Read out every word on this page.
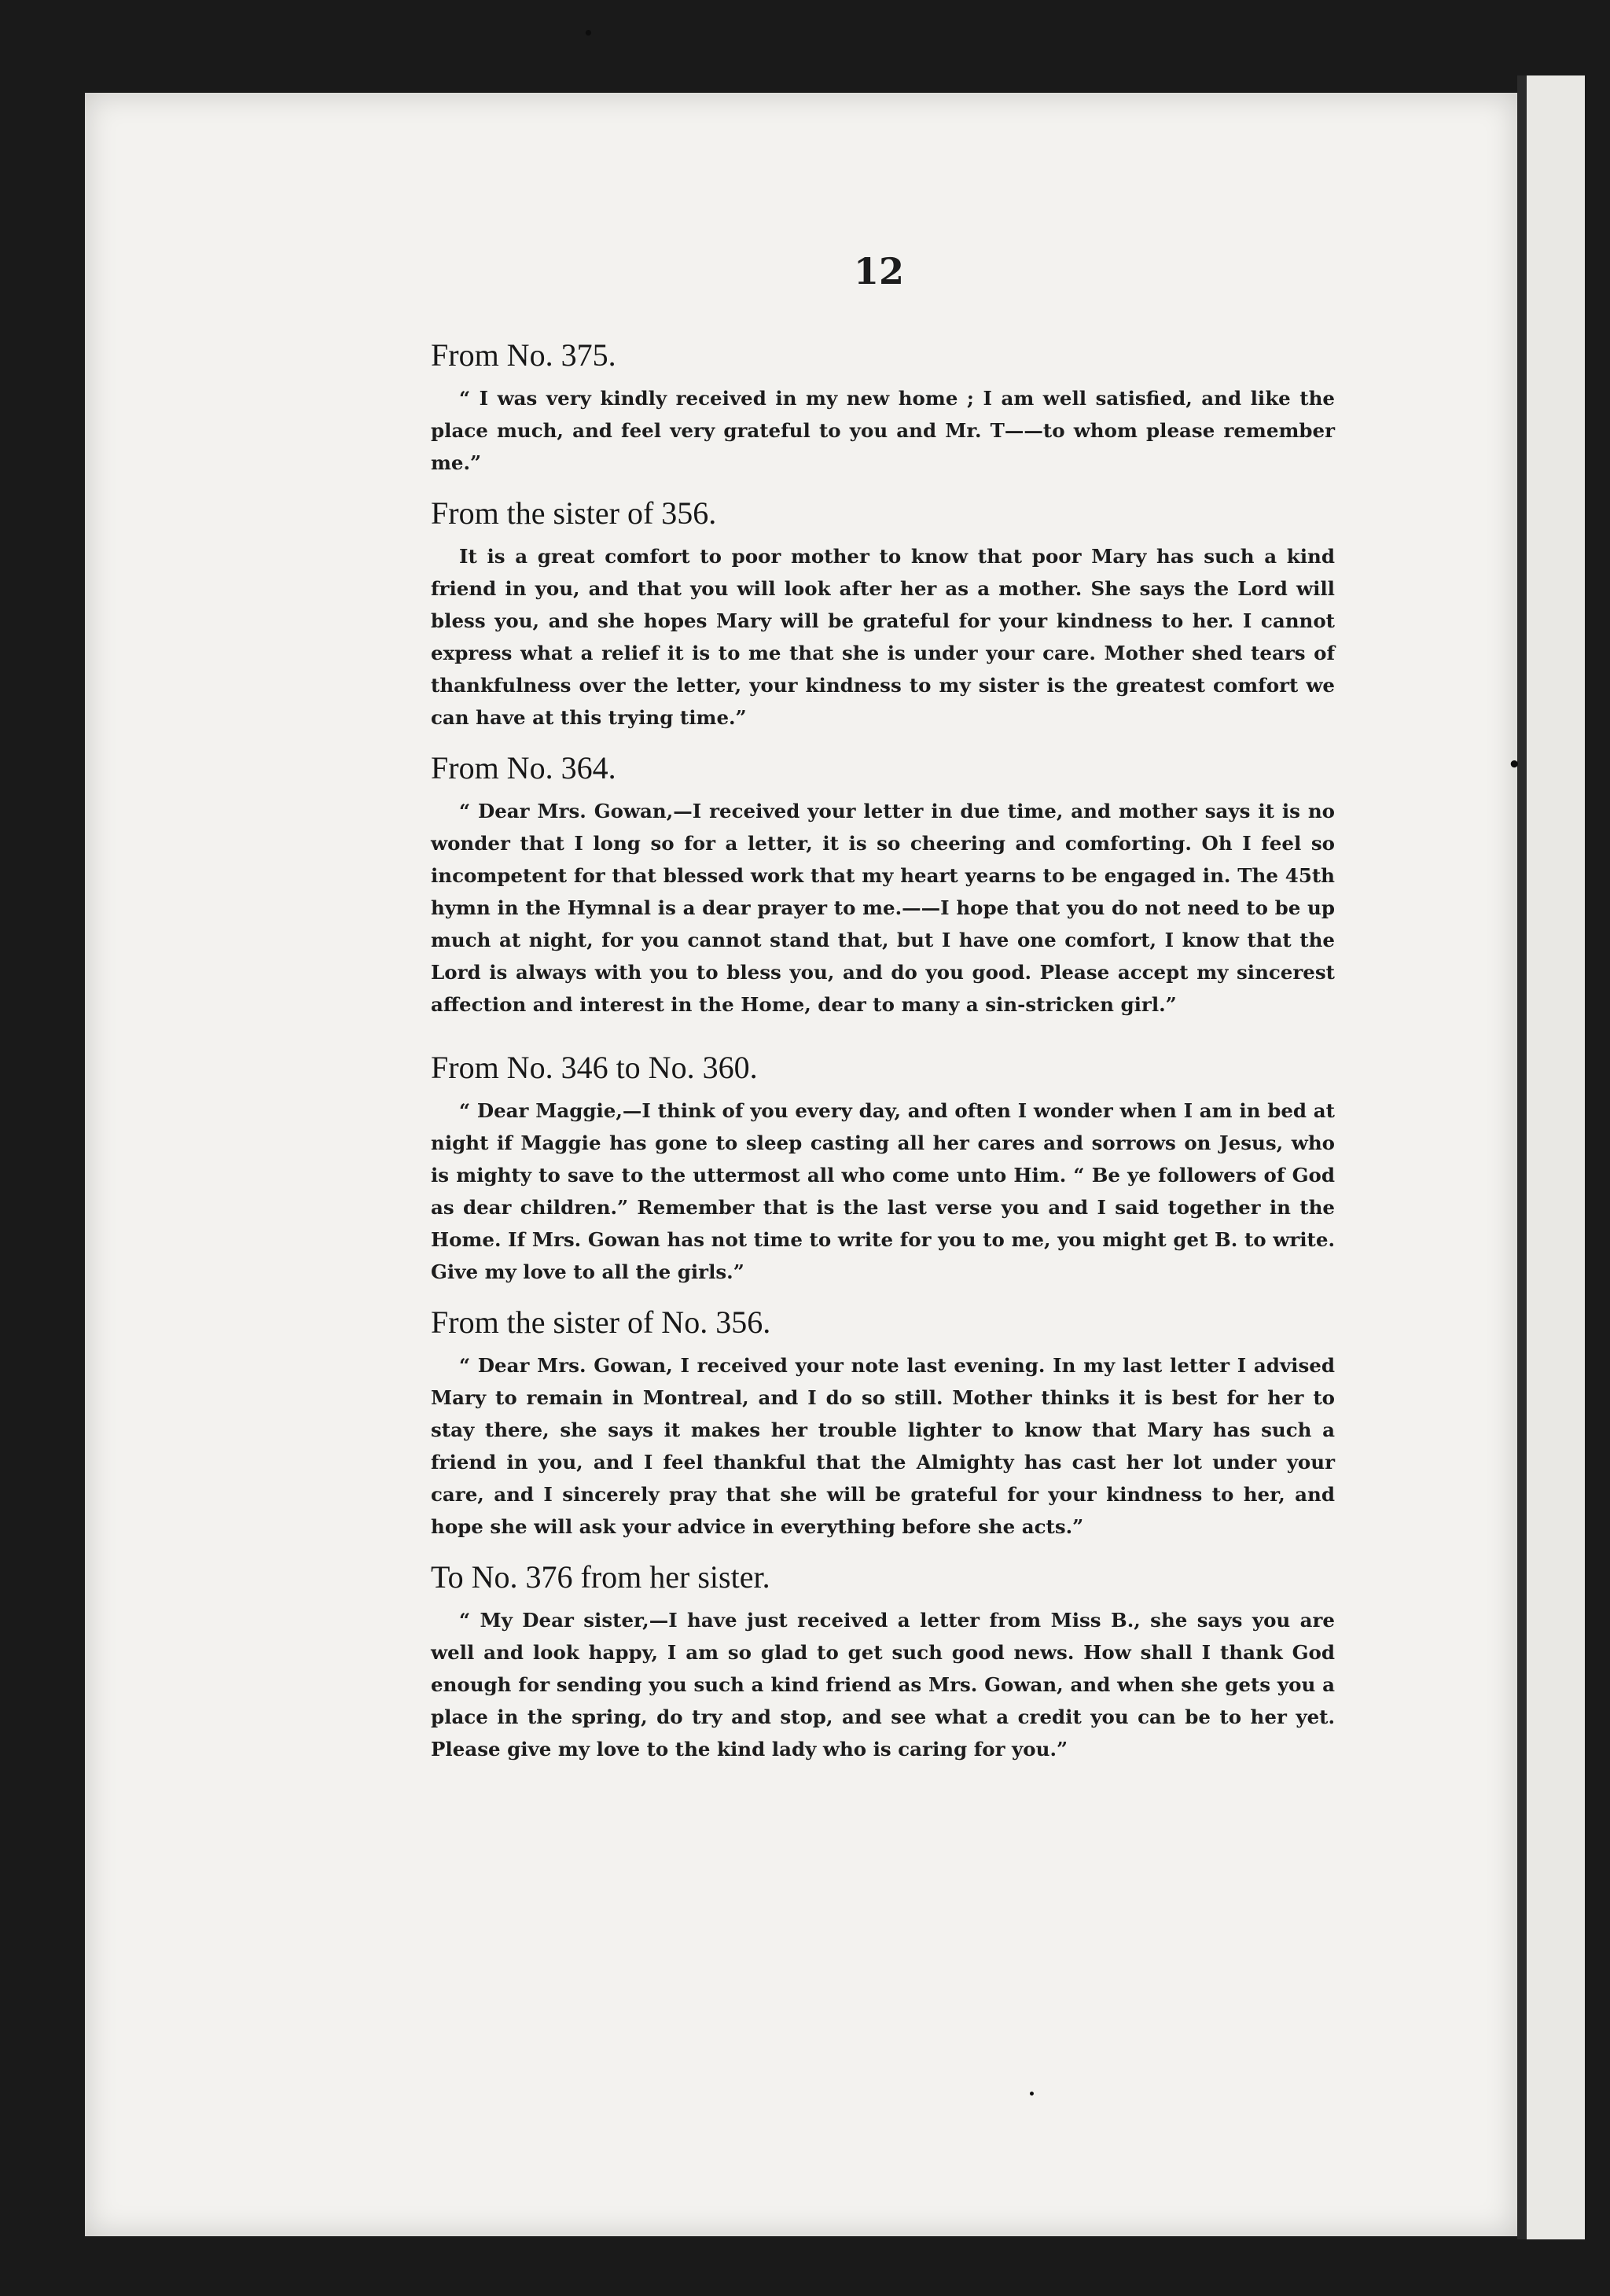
•
•
•
12
From No. 375.

“ I was very kindly received in my new home ; I am well satisfied, and like the place much, and feel very grateful to you and Mr. T——to whom please remember me.”

From the sister of 356.

It is a great comfort to poor mother to know that poor Mary has such a kind friend in you, and that you will look after her as a mother. She says the Lord will bless you, and she hopes Mary will be grateful for your kindness to her. I cannot express what a relief it is to me that she is under your care. Mother shed tears of thankfulness over the letter, your kindness to my sister is the greatest comfort we can have at this trying time.”

From No. 364.

“ Dear Mrs. Gowan,—I received your letter in due time, and mother says it is no wonder that I long so for a letter, it is so cheering and comforting. Oh I feel so incompetent for that blessed work that my heart yearns to be engaged in. The 45th hymn in the Hymnal is a dear prayer to me.——I hope that you do not need to be up much at night, for you cannot stand that, but I have one comfort, I know that the Lord is always with you to bless you, and do you good. Please accept my sincerest affection and interest in the Home, dear to many a sin-stricken girl.”

From No. 346 to No. 360.

“ Dear Maggie,—I think of you every day, and often I wonder when I am in bed at night if Maggie has gone to sleep casting all her cares and sorrows on Jesus, who is mighty to save to the uttermost all who come unto Him. “ Be ye followers of God as dear children.” Remember that is the last verse you and I said together in the Home. If Mrs. Gowan has not time to write for you to me, you might get B. to write. Give my love to all the girls.”

From the sister of No. 356.

“ Dear Mrs. Gowan, I received your note last evening. In my last letter I advised Mary to remain in Montreal, and I do so still. Mother thinks it is best for her to stay there, she says it makes her trouble lighter to know that Mary has such a friend in you, and I feel thankful that the Almighty has cast her lot under your care, and I sincerely pray that she will be grateful for your kindness to her, and hope she will ask your advice in everything before she acts.”

To No. 376 from her sister.

“ My Dear sister,—I have just received a letter from Miss B., she says you are well and look happy, I am so glad to get such good news. How shall I thank God enough for sending you such a kind friend as Mrs. Gowan, and when she gets you a place in the spring, do try and stop, and see what a credit you can be to her yet. Please give my love to the kind lady who is caring for you.”
